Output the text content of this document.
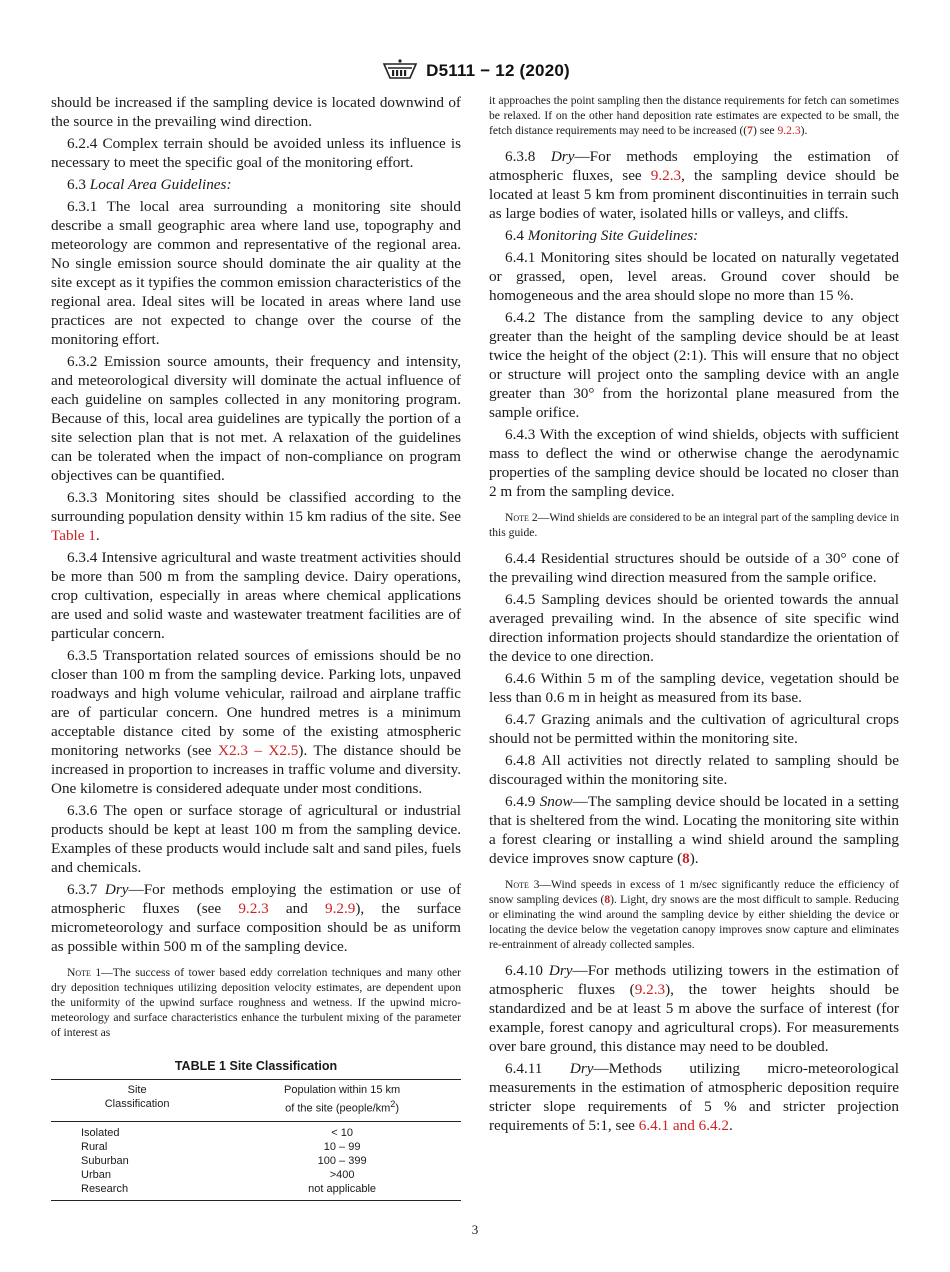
D5111 − 12 (2020)

should be increased if the sampling device is located downwind of the source in the prevailing wind direction.

6.2.4 Complex terrain should be avoided unless its influence is necessary to meet the specific goal of the monitoring effort.

6.3 Local Area Guidelines:

6.3.1 The local area surrounding a monitoring site should describe a small geographic area where land use, topography and meteorology are common and representative of the regional area. No single emission source should dominate the air quality at the site except as it typifies the common emission characteristics of the regional area. Ideal sites will be located in areas where land use practices are not expected to change over the course of the monitoring effort.

6.3.2 Emission source amounts, their frequency and intensity, and meteorological diversity will dominate the actual influence of each guideline on samples collected in any monitoring program. Because of this, local area guidelines are typically the portion of a site selection plan that is not met. A relaxation of the guidelines can be tolerated when the impact of non-compliance on program objectives can be quantified.

6.3.3 Monitoring sites should be classified according to the surrounding population density within 15 km radius of the site. See Table 1.

6.3.4 Intensive agricultural and waste treatment activities should be more than 500 m from the sampling device. Dairy operations, crop cultivation, especially in areas where chemical applications are used and solid waste and wastewater treatment facilities are of particular concern.

6.3.5 Transportation related sources of emissions should be no closer than 100 m from the sampling device. Parking lots, unpaved roadways and high volume vehicular, railroad and airplane traffic are of particular concern. One hundred metres is a minimum acceptable distance cited by some of the existing atmospheric monitoring networks (see X2.3 – X2.5). The distance should be increased in proportion to increases in traffic volume and diversity. One kilometre is considered adequate under most conditions.

6.3.6 The open or surface storage of agricultural or industrial products should be kept at least 100 m from the sampling device. Examples of these products would include salt and sand piles, fuels and chemicals.

6.3.7 Dry—For methods employing the estimation or use of atmospheric fluxes (see 9.2.3 and 9.2.9), the surface micrometeorology and surface composition should be as uniform as possible within 500 m of the sampling device.

Note 1—The success of tower based eddy correlation techniques and many other dry deposition techniques utilizing deposition velocity estimates, are dependent upon the uniformity of the upwind surface roughness and wetness. If the upwind micro-meteorology and surface characteristics enhance the turbulent mixing of the parameter of interest as

TABLE 1 Site Classification
Site
Classification	Population within 15 km
of the site $(people/km^2)$
Isolated	< 10
Rural	10 – 99
Suburban	100 – 399
Urban	>400
Research	not applicable

it approaches the point sampling then the distance requirements for fetch can sometimes be relaxed. If on the other hand deposition rate estimates are expected to be small, the fetch distance requirements may need to be increased ((7) see 9.2.3).

6.3.8 Dry—For methods employing the estimation of atmospheric fluxes, see 9.2.3, the sampling device should be located at least 5 km from prominent discontinuities in terrain such as large bodies of water, isolated hills or valleys, and cliffs.

6.4 Monitoring Site Guidelines:

6.4.1 Monitoring sites should be located on naturally vegetated or grassed, open, level areas. Ground cover should be homogeneous and the area should slope no more than 15 %.

6.4.2 The distance from the sampling device to any object greater than the height of the sampling device should be at least twice the height of the object (2:1). This will ensure that no object or structure will project onto the sampling device with an angle greater than 30° from the horizontal plane measured from the sample orifice.

6.4.3 With the exception of wind shields, objects with sufficient mass to deflect the wind or otherwise change the aerodynamic properties of the sampling device should be located no closer than 2 m from the sampling device.

Note 2—Wind shields are considered to be an integral part of the sampling device in this guide.

6.4.4 Residential structures should be outside of a 30° cone of the prevailing wind direction measured from the sample orifice.

6.4.5 Sampling devices should be oriented towards the annual averaged prevailing wind. In the absence of site specific wind direction information projects should standardize the orientation of the device to one direction.

6.4.6 Within 5 m of the sampling device, vegetation should be less than 0.6 m in height as measured from its base.

6.4.7 Grazing animals and the cultivation of agricultural crops should not be permitted within the monitoring site.

6.4.8 All activities not directly related to sampling should be discouraged within the monitoring site.

6.4.9 Snow—The sampling device should be located in a setting that is sheltered from the wind. Locating the monitoring site within a forest clearing or installing a wind shield around the sampling device improves snow capture (8).

Note 3—Wind speeds in excess of 1 m/sec significantly reduce the efficiency of snow sampling devices (8). Light, dry snows are the most difficult to sample. Reducing or eliminating the wind around the sampling device by either shielding the device or locating the device below the vegetation canopy improves snow capture and eliminates re-entrainment of already collected samples.

6.4.10 Dry—For methods utilizing towers in the estimation of atmospheric fluxes (9.2.3), the tower heights should be standardized and be at least 5 m above the surface of interest (for example, forest canopy and agricultural crops). For measurements over bare ground, this distance may need to be doubled.

6.4.11 Dry—Methods utilizing micro-meteorological measurements in the estimation of atmospheric deposition require stricter slope requirements of 5 % and stricter projection requirements of 5:1, see 6.4.1 and 6.4.2.

3
